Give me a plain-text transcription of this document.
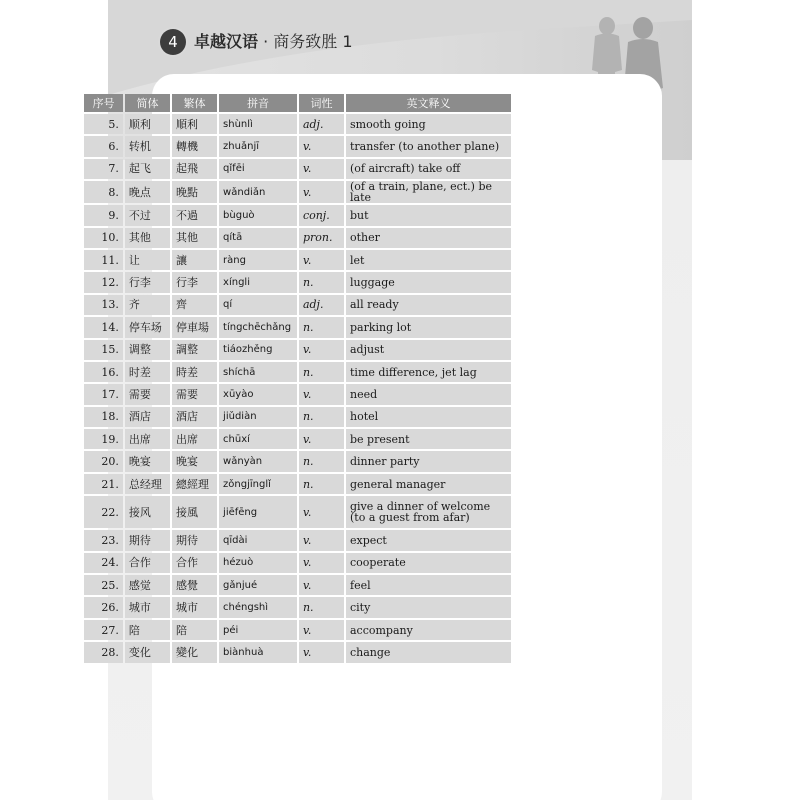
4	卓越汉语 · 商务致胜 1
序号	简体	繁体	拼音	词性	英文释义
5.	顺利	順利	shùnlì	adj.	smooth going
6.	转机	轉機	zhuǎnjī	v.	transfer (to another plane)
7.	起飞	起飛	qǐfēi	v.	(of aircraft) take off
8.	晚点	晚點	wǎndiǎn	v.	(of a train, plane, ect.) be late
9.	不过	不過	bùguò	conj.	but
10.	其他	其他	qítā	pron.	other
11.	让	讓	ràng	v.	let
12.	行李	行李	xíngli	n.	luggage
13.	齐	齊	qí	adj.	all ready
14.	停车场	停車場	tíngchēchǎng	n.	parking lot
15.	调整	調整	tiáozhěng	v.	adjust
16.	时差	時差	shíchā	n.	time difference, jet lag
17.	需要	需要	xūyào	v.	need
18.	酒店	酒店	jiǔdiàn	n.	hotel
19.	出席	出席	chūxí	v.	be present
20.	晚宴	晚宴	wǎnyàn	n.	dinner party
21.	总经理	總經理	zǒngjīnglǐ	n.	general manager
22.	接风	接風	jiēfēng	v.	give a dinner of welcome (to a guest from afar)
23.	期待	期待	qīdài	v.	expect
24.	合作	合作	hézuò	v.	cooperate
25.	感觉	感覺	gǎnjué	v.	feel
26.	城市	城市	chéngshì	n.	city
27.	陪	陪	péi	v.	accompany
28.	变化	變化	biànhuà	v.	change
